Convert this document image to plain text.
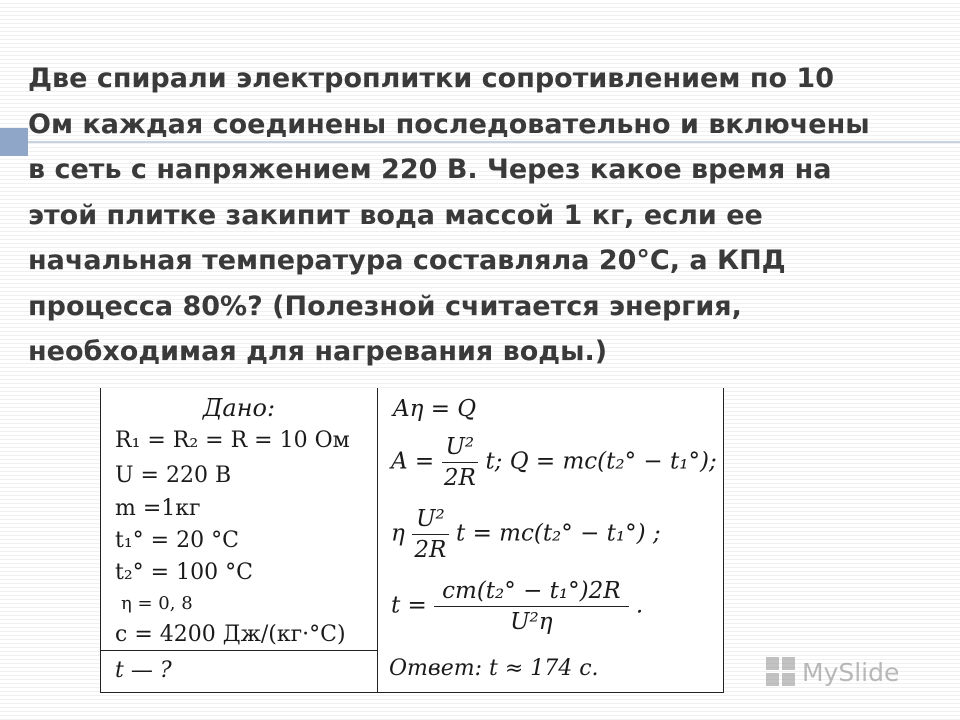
Две спирали электроплитки сопротивлением по 10
Ом каждая соединены последовательно и включены
в сеть с напряжением 220 В. Через какое время на
этой плитке закипит вода массой 1 кг, если ее
начальная температура составляла 20°С, а КПД
процесса 80%? (Полезной считается энергия,
необходимая для нагревания воды.)
Дано:
R₁ = R₂ = R = 10 Ом
U = 220 В
m =1кг
t₁° = 20 °С
t₂° = 100 °С
η = 0, 8
с = 4200 Дж/(кг·°С)
t — ?
Aη = Q
$A = \frac{\text{U²}}{2R} t$; Q = mc(t₂° − t₁°);
η $\frac{\text{U²}}{2R}$ t = mc(t₂° − t₁°) ;
$t = \frac{\text{cm(t₂° − t₁°)2R}}{\text{U²η}}$ .
Ответ: t ≈ 174 с.	MySlide
